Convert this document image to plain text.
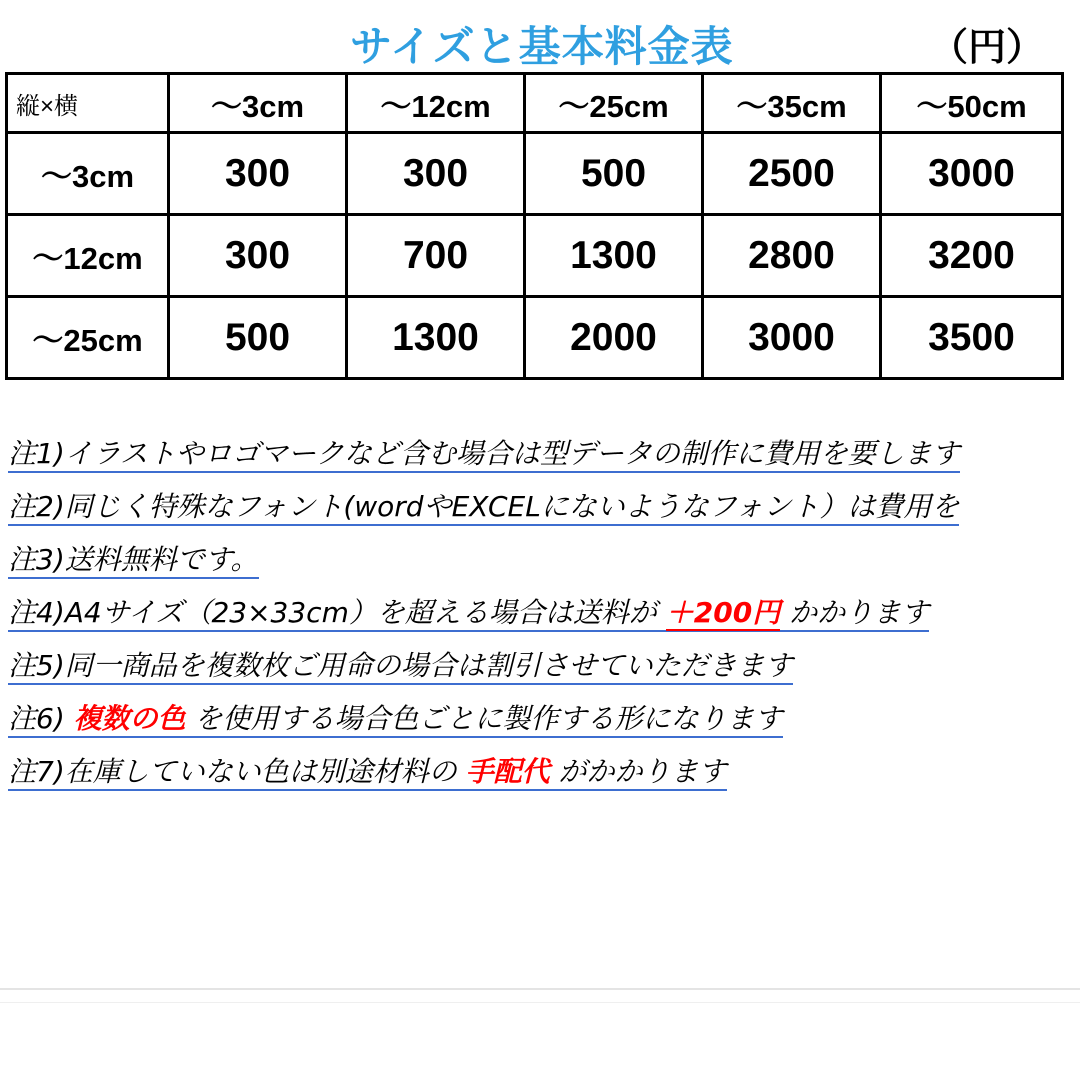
サイズと基本料金表	（円）
縦×横	～3cm	～12cm	～25cm	～35cm	～50cm
～3cm	300	300	500	2500	3000
～12cm	300	700	1300	2800	3200
～25cm	500	1300	2000	3000	3500
注1)イラストやロゴマークなど含む場合は型データの制作に費用を要します
注2)同じく特殊なフォント(wordやEXCELにないようなフォント）は費用を
注3)送料無料です。
注4)A4サイズ（23×33cm）を超える場合は送料が ＋200円 かかります
注5)同一商品を複数枚ご用命の場合は割引させていただきます
注6) 複数の色 を使用する場合色ごとに製作する形になります
注7)在庫していない色は別途材料の 手配代 がかかります
